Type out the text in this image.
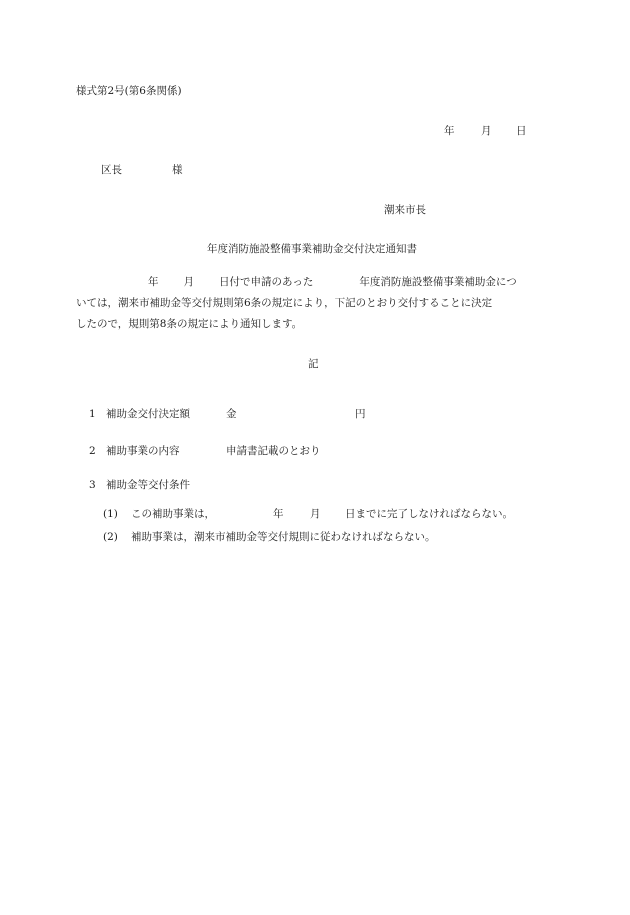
様式第2号(第6条関係)
年	月 日
区長	様
潮来市長
年度消防施設整備事業補助金交付決定通知書

年 月 日付で申請のあった	年度消防施設整備事業補助金につ

いては，潮来市補助金等交付規則第6条の規定により，下記のとおり交付することに決定

したので，規則第8条の規定により通知します。

記
1 補助金交付決定額	金	円
2 補助事業の内容	申請書記載のとおり
3 補助金等交付条件
(1) この補助事業は，	年	月 日までに完了しなければならない。
(2) 補助事業は，潮来市補助金等交付規則に従わなければならない。
